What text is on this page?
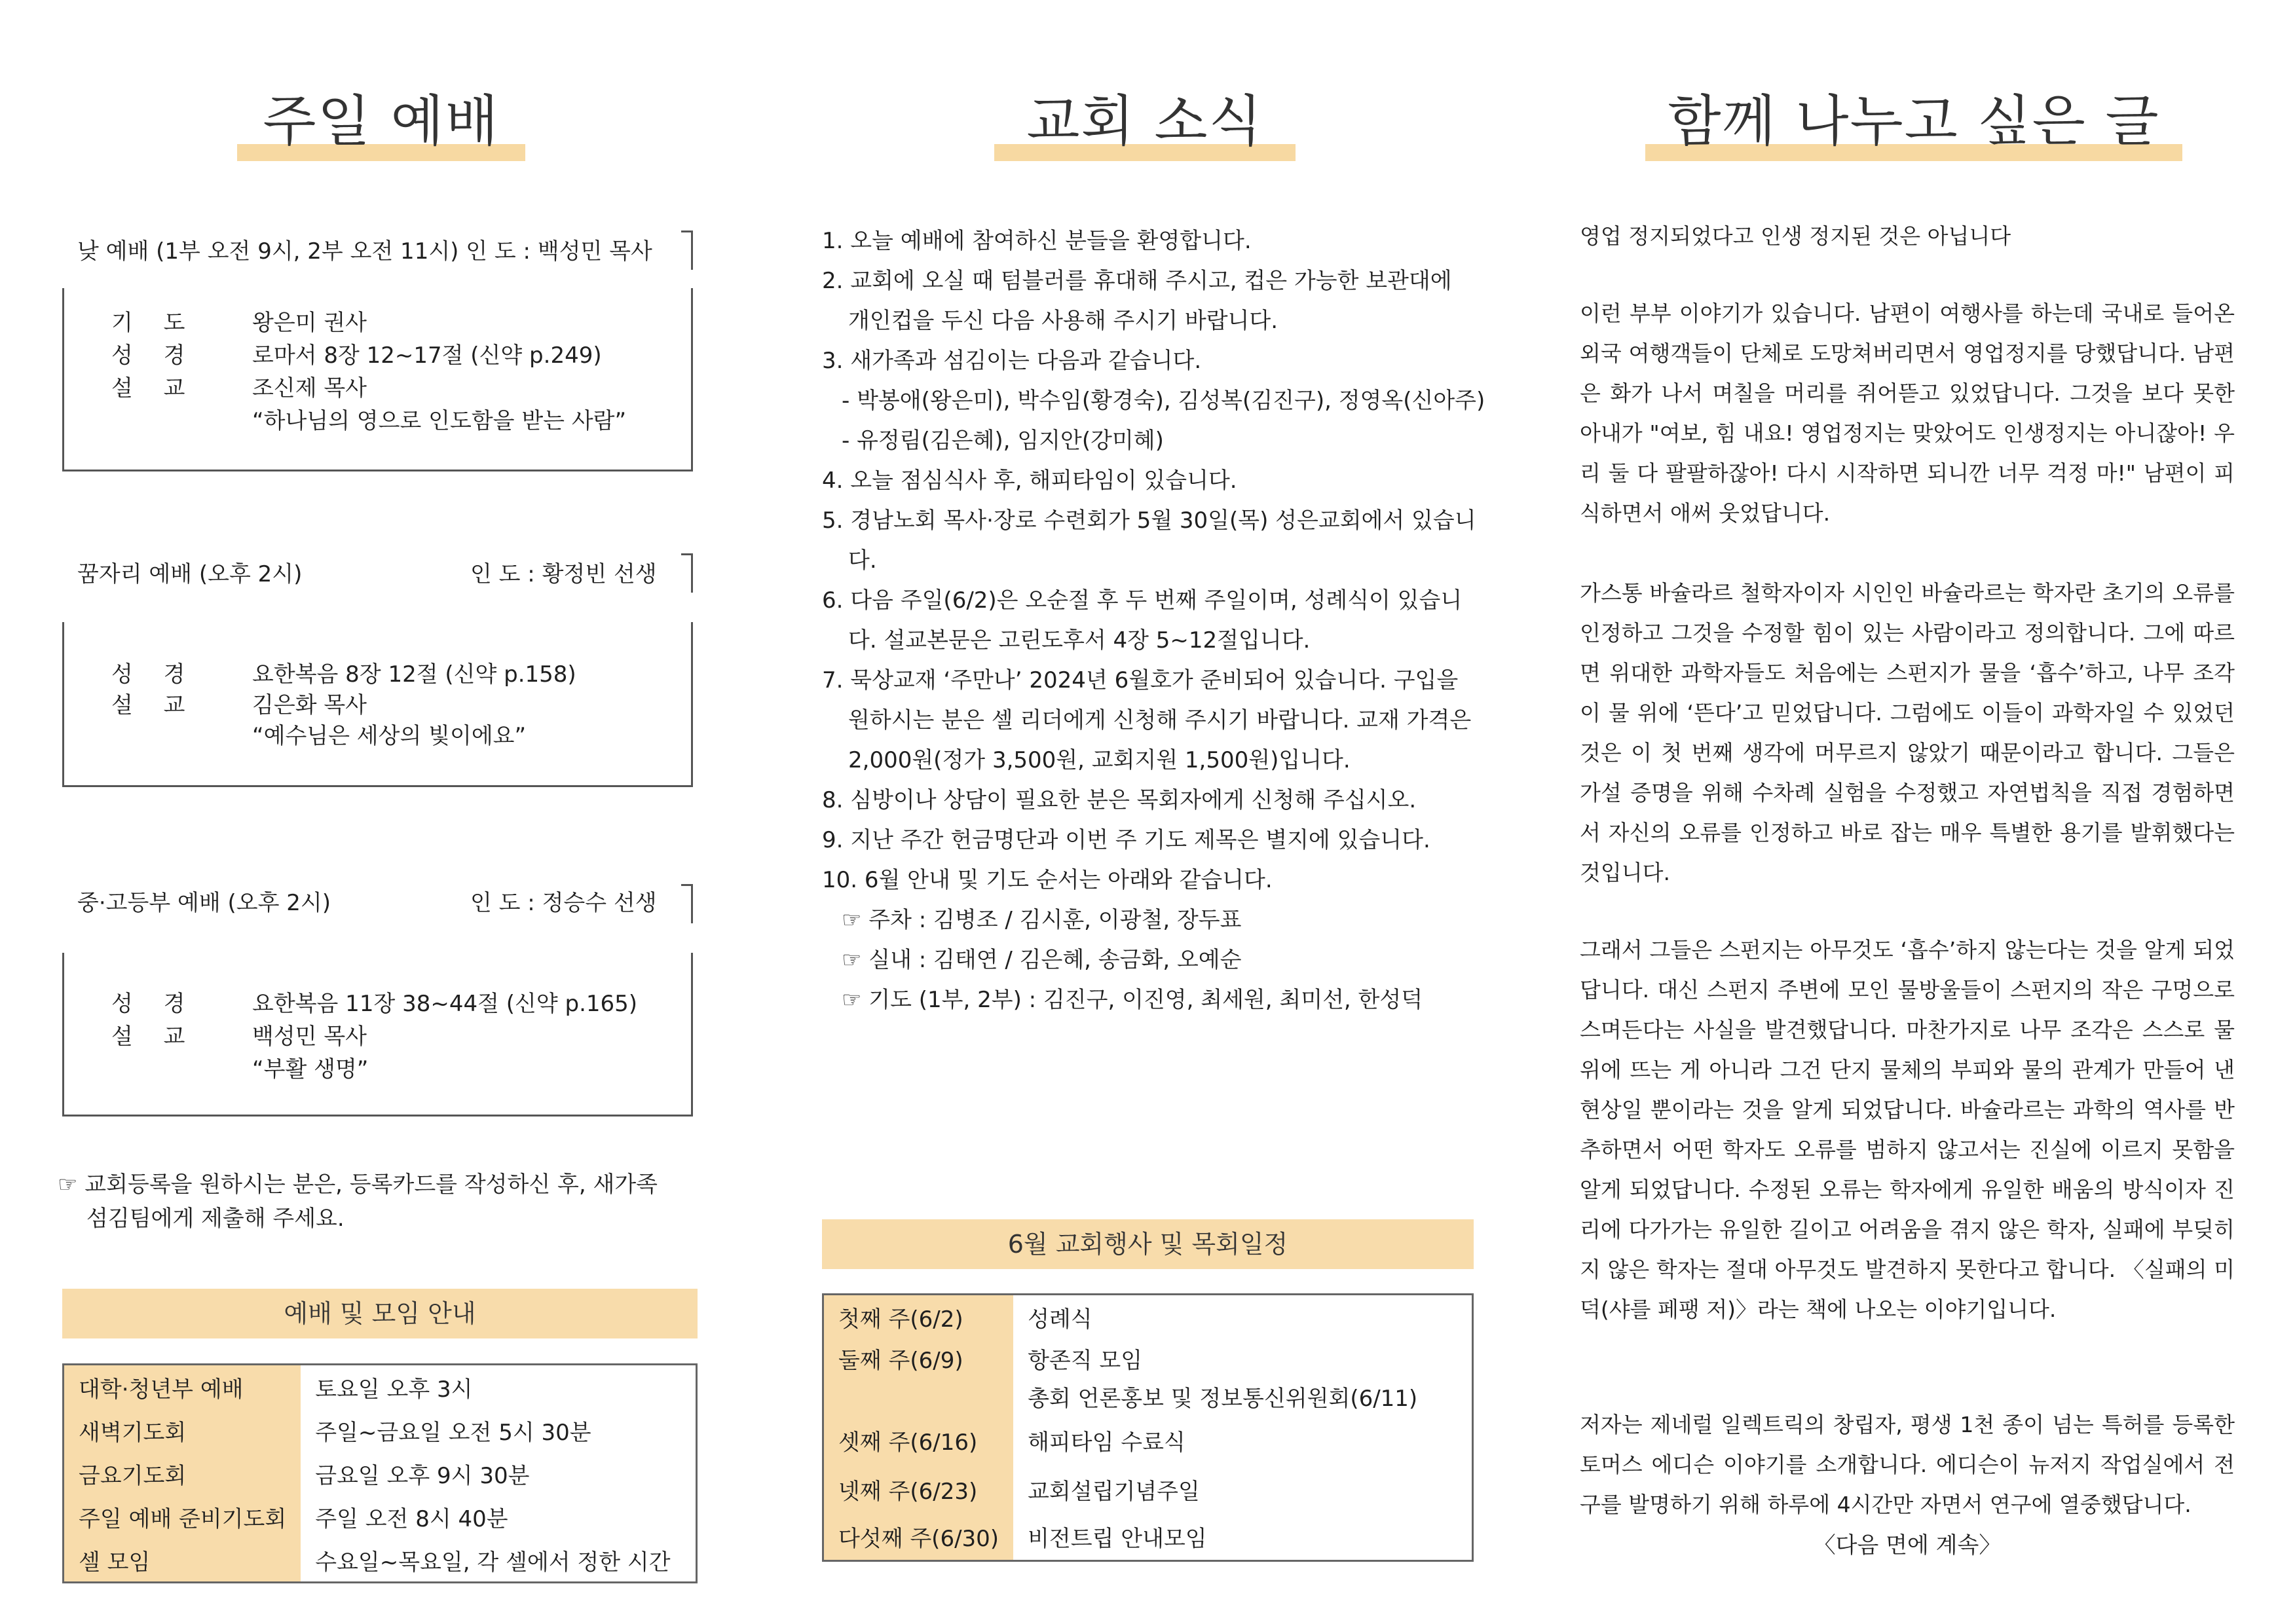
주일 예배	교회 소식	함께 나누고 싶은 글
낮 예배 (1부 오전 9시, 2부 오전 11시) 인 도 : 백성민 목사
기 도 왕은미 권사
성 경 로마서 8장 12~17절 (신약 p.249)
설 교 조신제 목사
“하나님의 영으로 인도함을 받는 사람”
꿈자리 예배 (오후 2시)	인 도 : 황정빈 선생
성 경 요한복음 8장 12절 (신약 p.158)
설 교 김은화 목사
“예수님은 세상의 빛이에요”
중·고등부 예배 (오후 2시)	인 도 : 정승수 선생
성 경 요한복음 11장 38~44절 (신약 p.165)
설 교 백성민 목사
“부활 생명”
☞ 교회등록을 원하시는 분은, 등록카드를 작성하신 후, 새가족
섬김팀에게 제출해 주세요.
예배 및 모임 안내
대학·청년부 예배	토요일 오후 3시
새벽기도회	주일~금요일 오전 5시 30분
금요기도회	금요일 오후 9시 30분
주일 예배 준비기도회	주일 오전 8시 40분
셀 모임	수요일~목요일, 각 셀에서 정한 시간
1. 오늘 예배에 참여하신 분들을 환영합니다.
2. 교회에 오실 때 텀블러를 휴대해 주시고, 컵은 가능한 보관대에
개인컵을 두신 다음 사용해 주시기 바랍니다.
3. 새가족과 섬김이는 다음과 같습니다.
- 박봉애(왕은미), 박수임(황경숙), 김성복(김진구), 정영옥(신아주)
- 유정림(김은혜), 임지안(강미혜)
4. 오늘 점심식사 후, 해피타임이 있습니다.
5. 경남노회 목사·장로 수련회가 5월 30일(목) 성은교회에서 있습니
다.
6. 다음 주일(6/2)은 오순절 후 두 번째 주일이며, 성례식이 있습니
다. 설교본문은 고린도후서 4장 5~12절입니다.
7. 묵상교재 ‘주만나’ 2024년 6월호가 준비되어 있습니다. 구입을
원하시는 분은 셀 리더에게 신청해 주시기 바랍니다. 교재 가격은
2,000원(정가 3,500원, 교회지원 1,500원)입니다.
8. 심방이나 상담이 필요한 분은 목회자에게 신청해 주십시오.
9. 지난 주간 헌금명단과 이번 주 기도 제목은 별지에 있습니다.
10. 6월 안내 및 기도 순서는 아래와 같습니다.
☞ 주차 : 김병조 / 김시훈, 이광철, 장두표
☞ 실내 : 김태연 / 김은혜, 송금화, 오예순
☞ 기도 (1부, 2부) : 김진구, 이진영, 최세원, 최미선, 한성덕
6월 교회행사 및 목회일정
첫째 주(6/2)	성례식
둘째 주(6/9)	항존직 모임
	총회 언론홍보 및 정보통신위원회(6/11)
셋째 주(6/16)	해피타임 수료식
넷째 주(6/23)	교회설립기념주일
다섯째 주(6/30)	비전트립 안내모임
영업 정지되었다고 인생 정지된 것은 아닙니다
이런 부부 이야기가 있습니다. 남편이 여행사를 하는데 국내로 들어온 외국 여행객들이 단체로 도망쳐버리면서 영업정지를 당했답니다. 남편은 화가 나서 며칠을 머리를 쥐어뜯고 있었답니다. 그것을 보다 못한 아내가 "여보, 힘 내요! 영업정지는 맞았어도 인생정지는 아니잖아! 우리 둘 다 팔팔하잖아! 다시 시작하면 되니깐 너무 걱정 마!" 남편이 피식하면서 애써 웃었답니다.
가스통 바슐라르 철학자이자 시인인 바슐라르는 학자란 초기의 오류를 인정하고 그것을 수정할 힘이 있는 사람이라고 정의합니다. 그에 따르면 위대한 과학자들도 처음에는 스펀지가 물을 ‘흡수’하고, 나무 조각이 물 위에 ‘뜬다’고 믿었답니다. 그럼에도 이들이 과학자일 수 있었던 것은 이 첫 번째 생각에 머무르지 않았기 때문이라고 합니다. 그들은 가설 증명을 위해 수차례 실험을 수정했고 자연법칙을 직접 경험하면서 자신의 오류를 인정하고 바로 잡는 매우 특별한 용기를 발휘했다는 것입니다.
그래서 그들은 스펀지는 아무것도 ‘흡수’하지 않는다는 것을 알게 되었답니다. 대신 스펀지 주변에 모인 물방울들이 스펀지의 작은 구멍으로 스며든다는 사실을 발견했답니다. 마찬가지로 나무 조각은 스스로 물 위에 뜨는 게 아니라 그건 단지 물체의 부피와 물의 관계가 만들어 낸 현상일 뿐이라는 것을 알게 되었답니다. 바슐라르는 과학의 역사를 반추하면서 어떤 학자도 오류를 범하지 않고서는 진실에 이르지 못함을 알게 되었답니다. 수정된 오류는 학자에게 유일한 배움의 방식이자 진리에 다가가는 유일한 길이고 어려움을 겪지 않은 학자, 실패에 부딪히지 않은 학자는 절대 아무것도 발견하지 못한다고 합니다. 〈실패의 미덕(샤를 페팽 저)〉라는 책에 나오는 이야기입니다.
저자는 제네럴 일렉트릭의 창립자, 평생 1천 종이 넘는 특허를 등록한 토머스 에디슨 이야기를 소개합니다. 에디슨이 뉴저지 작업실에서 전구를 발명하기 위해 하루에 4시간만 자면서 연구에 열중했답니다.
〈다음 면에 계속〉
